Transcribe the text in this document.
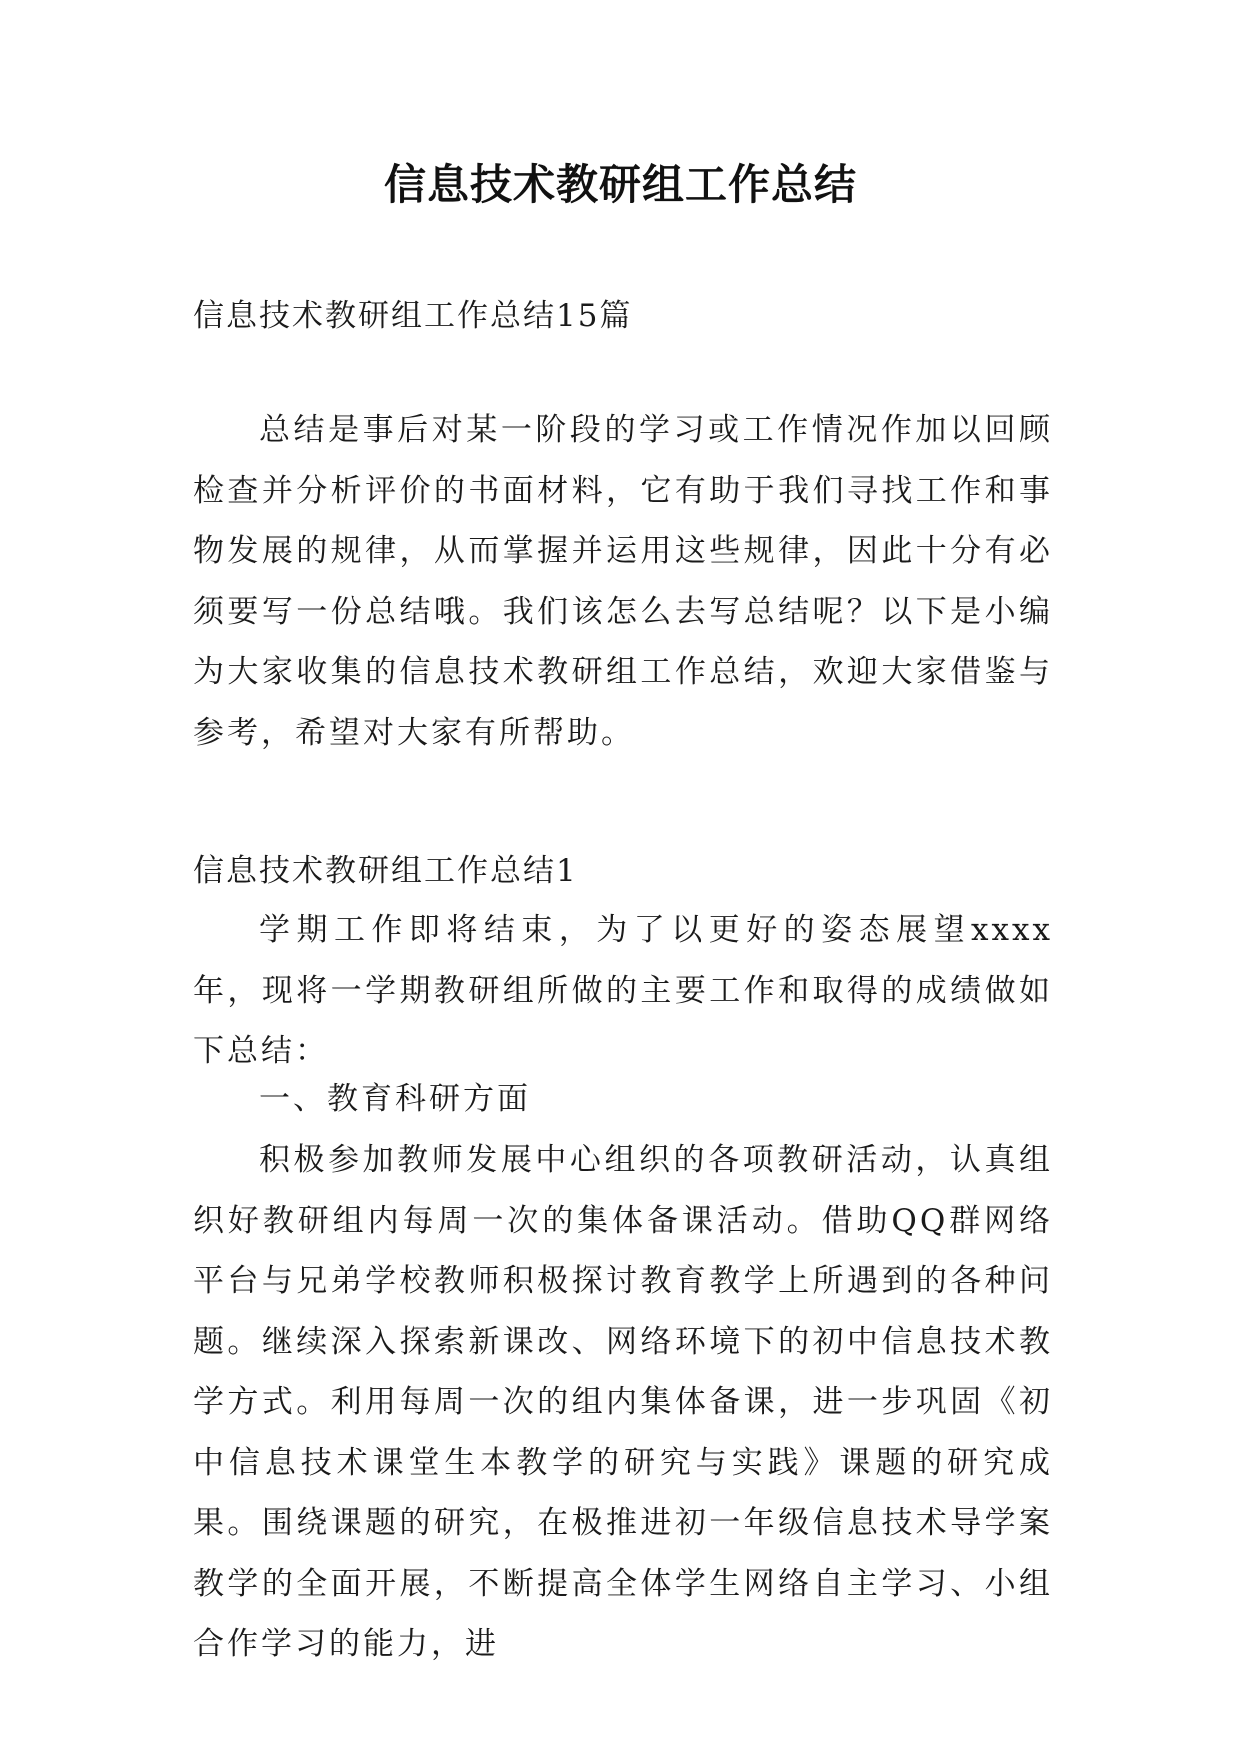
信息技术教研组工作总结
信息技术教研组工作总结15篇
总结是事后对某一阶段的学习或工作情况作加以回顾检查并分析评价的书面材料，它有助于我们寻找工作和事物发展的规律，从而掌握并运用这些规律，因此十分有必须要写一份总结哦。我们该怎么去写总结呢？以下是小编为大家收集的信息技术教研组工作总结，欢迎大家借鉴与参考，希望对大家有所帮助。
信息技术教研组工作总结1
学期工作即将结束，为了以更好的姿态展望xxxx年，现将一学期教研组所做的主要工作和取得的成绩做如下总结：
一、教育科研方面
积极参加教师发展中心组织的各项教研活动，认真组织好教研组内每周一次的集体备课活动。借助QQ群网络平台与兄弟学校教师积极探讨教育教学上所遇到的各种问题。继续深入探索新课改、网络环境下的初中信息技术教学方式。利用每周一次的组内集体备课，进一步巩固《初中信息技术课堂生本教学的研究与实践》课题的研究成果。围绕课题的研究，在极推进初一年级信息技术导学案教学的全面开展，不断提高全体学生网络自主学习、小组合作学习的能力，进
